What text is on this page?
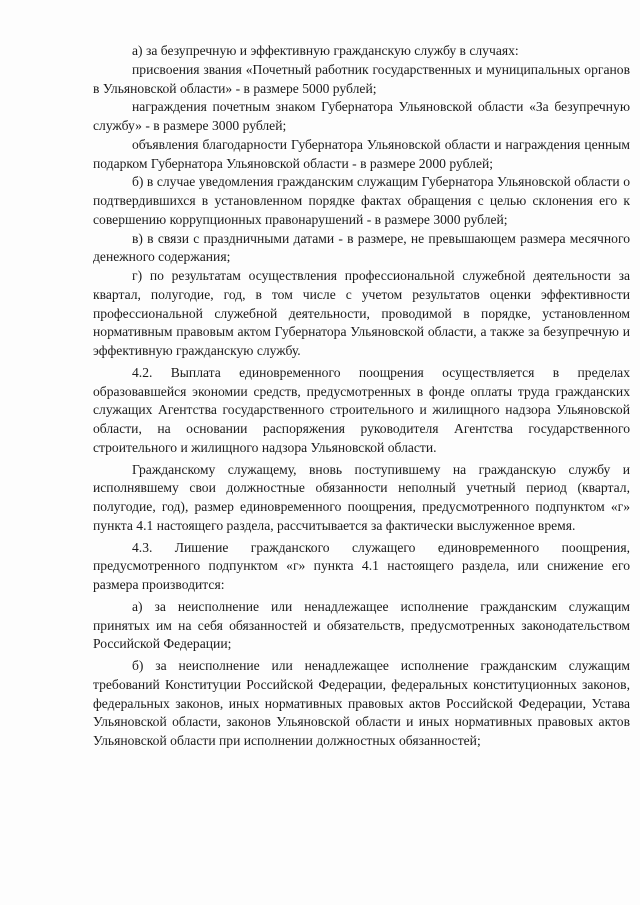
а) за безупречную и эффективную гражданскую службу в случаях:

присвоения звания «Почетный работник государственных и муниципальных органов в Ульяновской области» - в размере 5000 рублей;

награждения почетным знаком Губернатора Ульяновской области «За безупречную службу» - в размере 3000 рублей;

объявления благодарности Губернатора Ульяновской области и награждения ценным подарком Губернатора Ульяновской области - в размере 2000 рублей;

б) в случае уведомления гражданским служащим Губернатора Ульяновской области о подтвердившихся в установленном порядке фактах обращения с целью склонения его к совершению коррупционных правонарушений - в размере 3000 рублей;

в) в связи с праздничными датами - в размере, не превышающем размера месячного денежного содержания;

г) по результатам осуществления профессиональной служебной деятельности за квартал, полугодие, год, в том числе с учетом результатов оценки эффективности профессиональной служебной деятельности, проводимой в порядке, установленном нормативным правовым актом Губернатора Ульяновской области, а также за безупречную и эффективную гражданскую службу.

4.2. Выплата единовременного поощрения осуществляется в пределах образовавшейся экономии средств, предусмотренных в фонде оплаты труда гражданских служащих Агентства государственного строительного и жилищного надзора Ульяновской области, на основании распоряжения руководителя Агентства государственного строительного и жилищного надзора Ульяновской области.

Гражданскому служащему, вновь поступившему на гражданскую службу и исполнявшему свои должностные обязанности неполный учетный период (квартал, полугодие, год), размер единовременного поощрения, предусмотренного подпунктом «г» пункта 4.1 настоящего раздела, рассчитывается за фактически выслуженное время.

4.3. Лишение гражданского служащего единовременного поощрения, предусмотренного подпунктом «г» пункта 4.1 настоящего раздела, или снижение его размера производится:

а) за неисполнение или ненадлежащее исполнение гражданским служащим принятых им на себя обязанностей и обязательств, предусмотренных законодательством Российской Федерации;

б) за неисполнение или ненадлежащее исполнение гражданским служащим требований Конституции Российской Федерации, федеральных конституционных законов, федеральных законов, иных нормативных правовых актов Российской Федерации, Устава Ульяновской области, законов Ульяновской области и иных нормативных правовых актов Ульяновской области при исполнении должностных обязанностей;
